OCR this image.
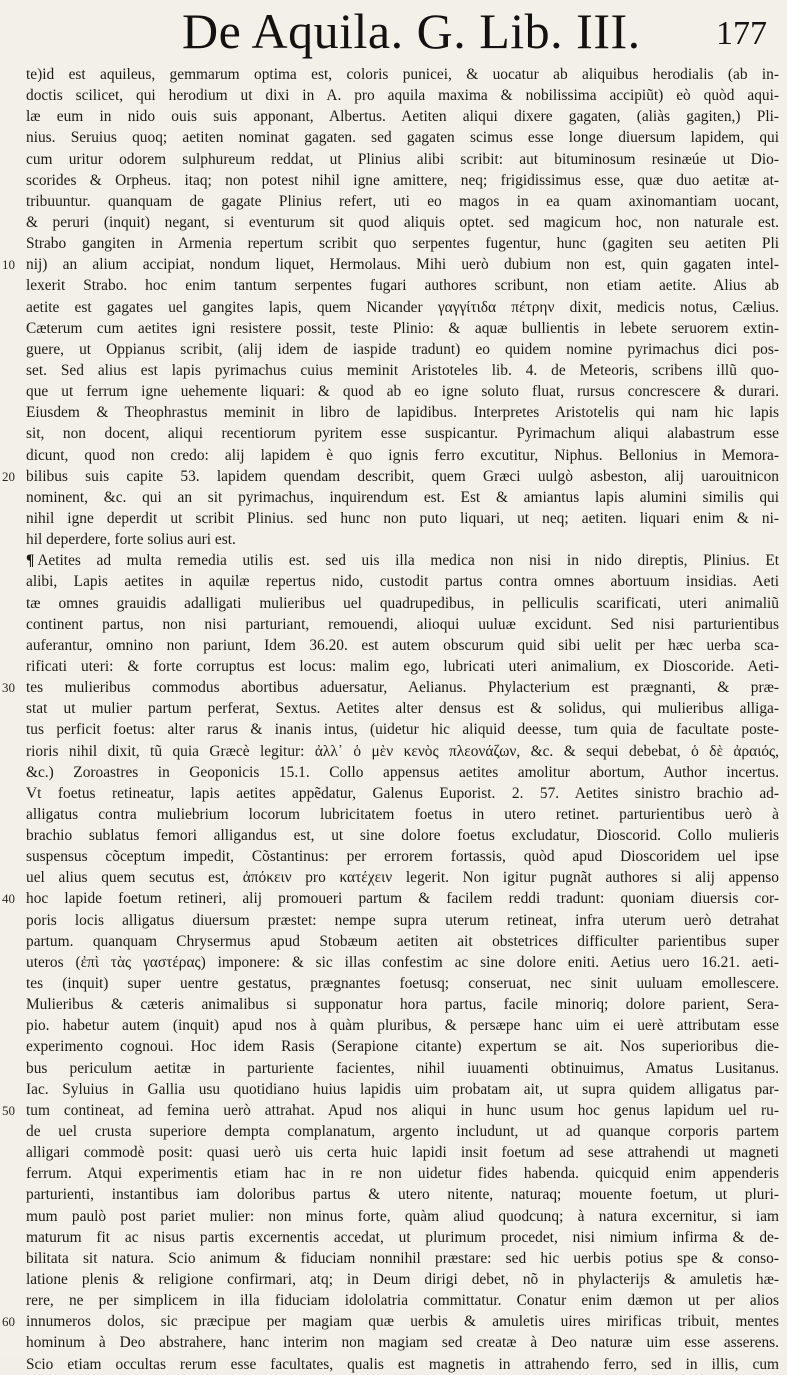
De Aquila. G. Lib. III. 177
te)id est aquileus, gemmarum optima est, coloris punicei, & uocatur ab aliquibus herodialis (ab in-
doctis scilicet, qui herodium ut dixi in A. pro aquila maxima & nobilissima accipiũt) eò quòd aqui-
læ eum in nido ouis suis apponant, Albertus. Aetiten aliqui dixere gagaten, (aliàs gagiten,) Pli-
nius. Seruius quoq; aetiten nominat gagaten. sed gagaten scimus esse longe diuersum lapidem, qui
cum uritur odorem sulphureum reddat, ut Plinius alibi scribit: aut bituminosum resinæúe ut Dio-
scorides & Orpheus. itaq; non potest nihil igne amittere, neq; frigidissimus esse, quæ duo aetitæ at-
tribuuntur. quanquam de gagate Plinius refert, uti eo magos in ea quam axinomantiam uocant,
& peruri (inquit) negant, si eventurum sit quod aliquis optet. sed magicum hoc, non naturale est.
Strabo gangiten in Armenia repertum scribit quo serpentes fugentur, hunc (gagiten seu aetiten Pli
10 nij) an alium accipiat, nondum liquet, Hermolaus. Mihi uerò dubium non est, quin gagaten intel-
lexerit Strabo. hoc enim tantum serpentes fugari authores scribunt, non etiam aetite. Alius ab
aetite est gagates uel gangites lapis, quem Nicander γαγγίτιδα πέτρην dixit, medicis notus, Cælius.
Cæterum cum aetites igni resistere possit, teste Plinio: & aquæ bullientis in lebete seruorem extin-
guere, ut Oppianus scribit, (alij idem de iaspide tradunt) eo quidem nomine pyrimachus dici pos-
set. Sed alius est lapis pyrimachus cuius meminit Aristoteles lib. 4. de Meteoris, scribens illũ quo-
que ut ferrum igne uehemente liquari: & quod ab eo igne soluto fluat, rursus concrescere & durari.
Eiusdem & Theophrastus meminit in libro de lapidibus. Interpretes Aristotelis qui nam hic lapis
sit, non docent, aliqui recentiorum pyritem esse suspicantur. Pyrimachum aliqui alabastrum esse
dicunt, quod non credo: alij lapidem è quo ignis ferro excutitur, Niphus. Bellonius in Memora-
20 bilibus suis capite 53. lapidem quendam describit, quem Græci uulgò asbeston, alij uarouitnicon
nominent, &c. qui an sit pyrimachus, inquirendum est. Est & amiantus lapis alumini similis qui
nihil igne deperdit ut scribit Plinius. sed hunc non puto liquari, ut neq; aetiten. liquari enim & ni-
hil deperdere, forte solius auri est.
¶ Aetites ad multa remedia utilis est. sed uis illa medica non nisi in nido direptis, Plinius. Et
alibi, Lapis aetites in aquilæ repertus nido, custodit partus contra omnes abortuum insidias. Aeti
tæ omnes grauidis adalligati mulieribus uel quadrupedibus, in pelliculis scarificati, uteri animaliũ
continent partus, non nisi parturiant, remouendi, alioqui uuluæ excidunt. Sed nisi parturientibus
auferantur, omnino non pariunt, Idem 36.20. est autem obscurum quid sibi uelit per hæc uerba sca-
rificati uteri: & forte corruptus est locus: malim ego, lubricati uteri animalium, ex Dioscoride. Aeti-
30 tes mulieribus commodus abortibus aduersatur, Aelianus. Phylacterium est prægnanti, & præ-
stat ut mulier partum perferat, Sextus. Aetites alter densus est & solidus, qui mulieribus alliga-
tus perficit foetus: alter rarus & inanis intus, (uidetur hic aliquid deesse, tum quia de facultate poste-
rioris nihil dixit, tũ quia Græcè legitur: ἀλλ᾽ ὁ μὲν κενὸς πλεονάζων, &c. & sequi debebat, ὁ δὲ ἀραιός,
&c.) Zoroastres in Geoponicis 15.1. Collo appensus aetites amolitur abortum, Author incertus.
Vt foetus retineatur, lapis aetites appẽdatur, Galenus Euporist. 2. 57. Aetites sinistro brachio ad-
alligatus contra muliebrium locorum lubricitatem foetus in utero retinet. parturientibus uerò à
brachio sublatus femori alligandus est, ut sine dolore foetus excludatur, Dioscorid. Collo mulieris
suspensus cõceptum impedit, Cõstantinus: per errorem fortassis, quòd apud Dioscoridem uel ipse
uel alius quem secutus est, ἀπόκειν pro κατέχειν legerit. Non igitur pugnãt authores si alij appenso
40 hoc lapide foetum retineri, alij promoueri partum & facilem reddi tradunt: quoniam diuersis cor-
poris locis alligatus diuersum præstet: nempe supra uterum retineat, infra uterum uerò detrahat
partum. quanquam Chrysermus apud Stobæum aetiten ait obstetrices difficulter parientibus super
uteros (ἐπὶ τὰς γαστέρας) imponere: & sic illas confestim ac sine dolore eniti. Aetius uero 16.21. aeti-
tes (inquit) super uentre gestatus, prægnantes foetusq; conseruat, nec sinit uuluam emollescere.
Mulieribus & cæteris animalibus si supponatur hora partus, facile minoriq; dolore parient, Sera-
pio. habetur autem (inquit) apud nos à quàm pluribus, & persæpe hanc uim ei uerè attributam esse
experimento cognoui. Hoc idem Rasis (Serapione citante) expertum se ait. Nos superioribus die-
bus periculum aetitæ in parturiente facientes, nihil iuuamenti obtinuimus, Amatus Lusitanus.
Iac. Syluius in Gallia usu quotidiano huius lapidis uim probatam ait, ut supra quidem alligatus par-
50 tum contineat, ad femina uerò attrahat. Apud nos aliqui in hunc usum hoc genus lapidum uel ru-
de uel crusta superiore dempta complanatum, argento includunt, ut ad quanque corporis partem
alligari commodè posit: quasi uerò uis certa huic lapidi insit foetum ad sese attrahendi ut magneti
ferrum. Atqui experimentis etiam hac in re non uidetur fides habenda. quicquid enim appenderis
parturienti, instantibus iam doloribus partus & utero nitente, naturaq; mouente foetum, ut pluri-
mum paulò post pariet mulier: non minus forte, quàm aliud quodcunq; à natura excernitur, si iam
maturum fit ac nisus partis excernentis accedat, ut plurimum procedet, nisi nimium infirma & de-
bilitata sit natura. Scio animum & fiduciam nonnihil præstare: sed hic uerbis potius spe & conso-
latione plenis & religione confirmari, atq; in Deum dirigi debet, nõ in phylacterijs & amuletis hæ-
rere, ne per simplicem in illa fiduciam idololatria committatur. Conatur enim dæmon ut per alios
60 innumeros dolos, sic præcipue per magiam quæ uerbis & amuletis uires mirificas tribuit, mentes
hominum à Deo abstrahere, hanc interim non magiam sed creatæ à Deo naturæ uim esse asserens.
Scio etiam occultas rerum esse facultates, qualis est magnetis in attrahendo ferro, sed in illis, cum
